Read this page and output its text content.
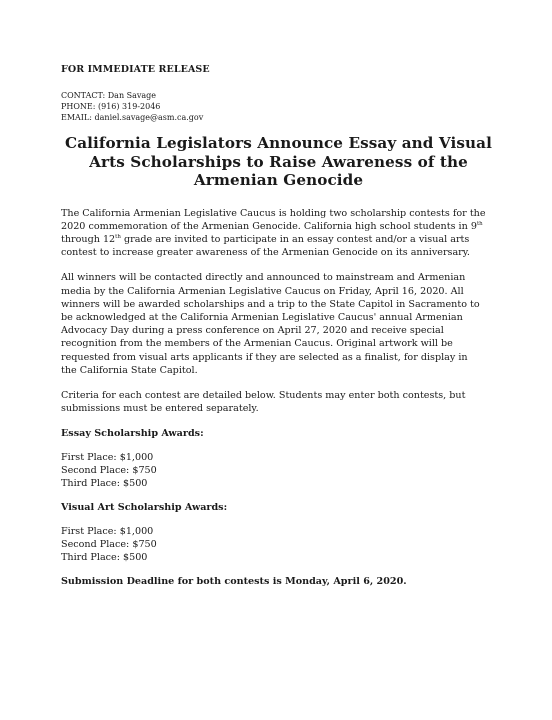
FOR IMMEDIATE RELEASE
CONTACT: Dan Savage
PHONE: (916) 319-2046
EMAIL: daniel.savage@asm.ca.gov
California Legislators Announce Essay and Visual
Arts Scholarships to Raise Awareness of the
Armenian Genocide
The California Armenian Legislative Caucus is holding two scholarship contests for the
2020 commemoration of the Armenian Genocide. California high school students in 9th
through 12th grade are invited to participate in an essay contest and/or a visual arts
contest to increase greater awareness of the Armenian Genocide on its anniversary.
All winners will be contacted directly and announced to mainstream and Armenian
media by the California Armenian Legislative Caucus on Friday, April 16, 2020. All
winners will be awarded scholarships and a trip to the State Capitol in Sacramento to
be acknowledged at the California Armenian Legislative Caucus' annual Armenian
Advocacy Day during a press conference on April 27, 2020 and receive special
recognition from the members of the Armenian Caucus. Original artwork will be
requested from visual arts applicants if they are selected as a finalist, for display in
the California State Capitol.
Criteria for each contest are detailed below. Students may enter both contests, but
submissions must be entered separately.
Essay Scholarship Awards:
First Place: $1,000
Second Place: $750
Third Place: $500
Visual Art Scholarship Awards:
First Place: $1,000
Second Place: $750
Third Place: $500
Submission Deadline for both contests is Monday, April 6, 2020.
